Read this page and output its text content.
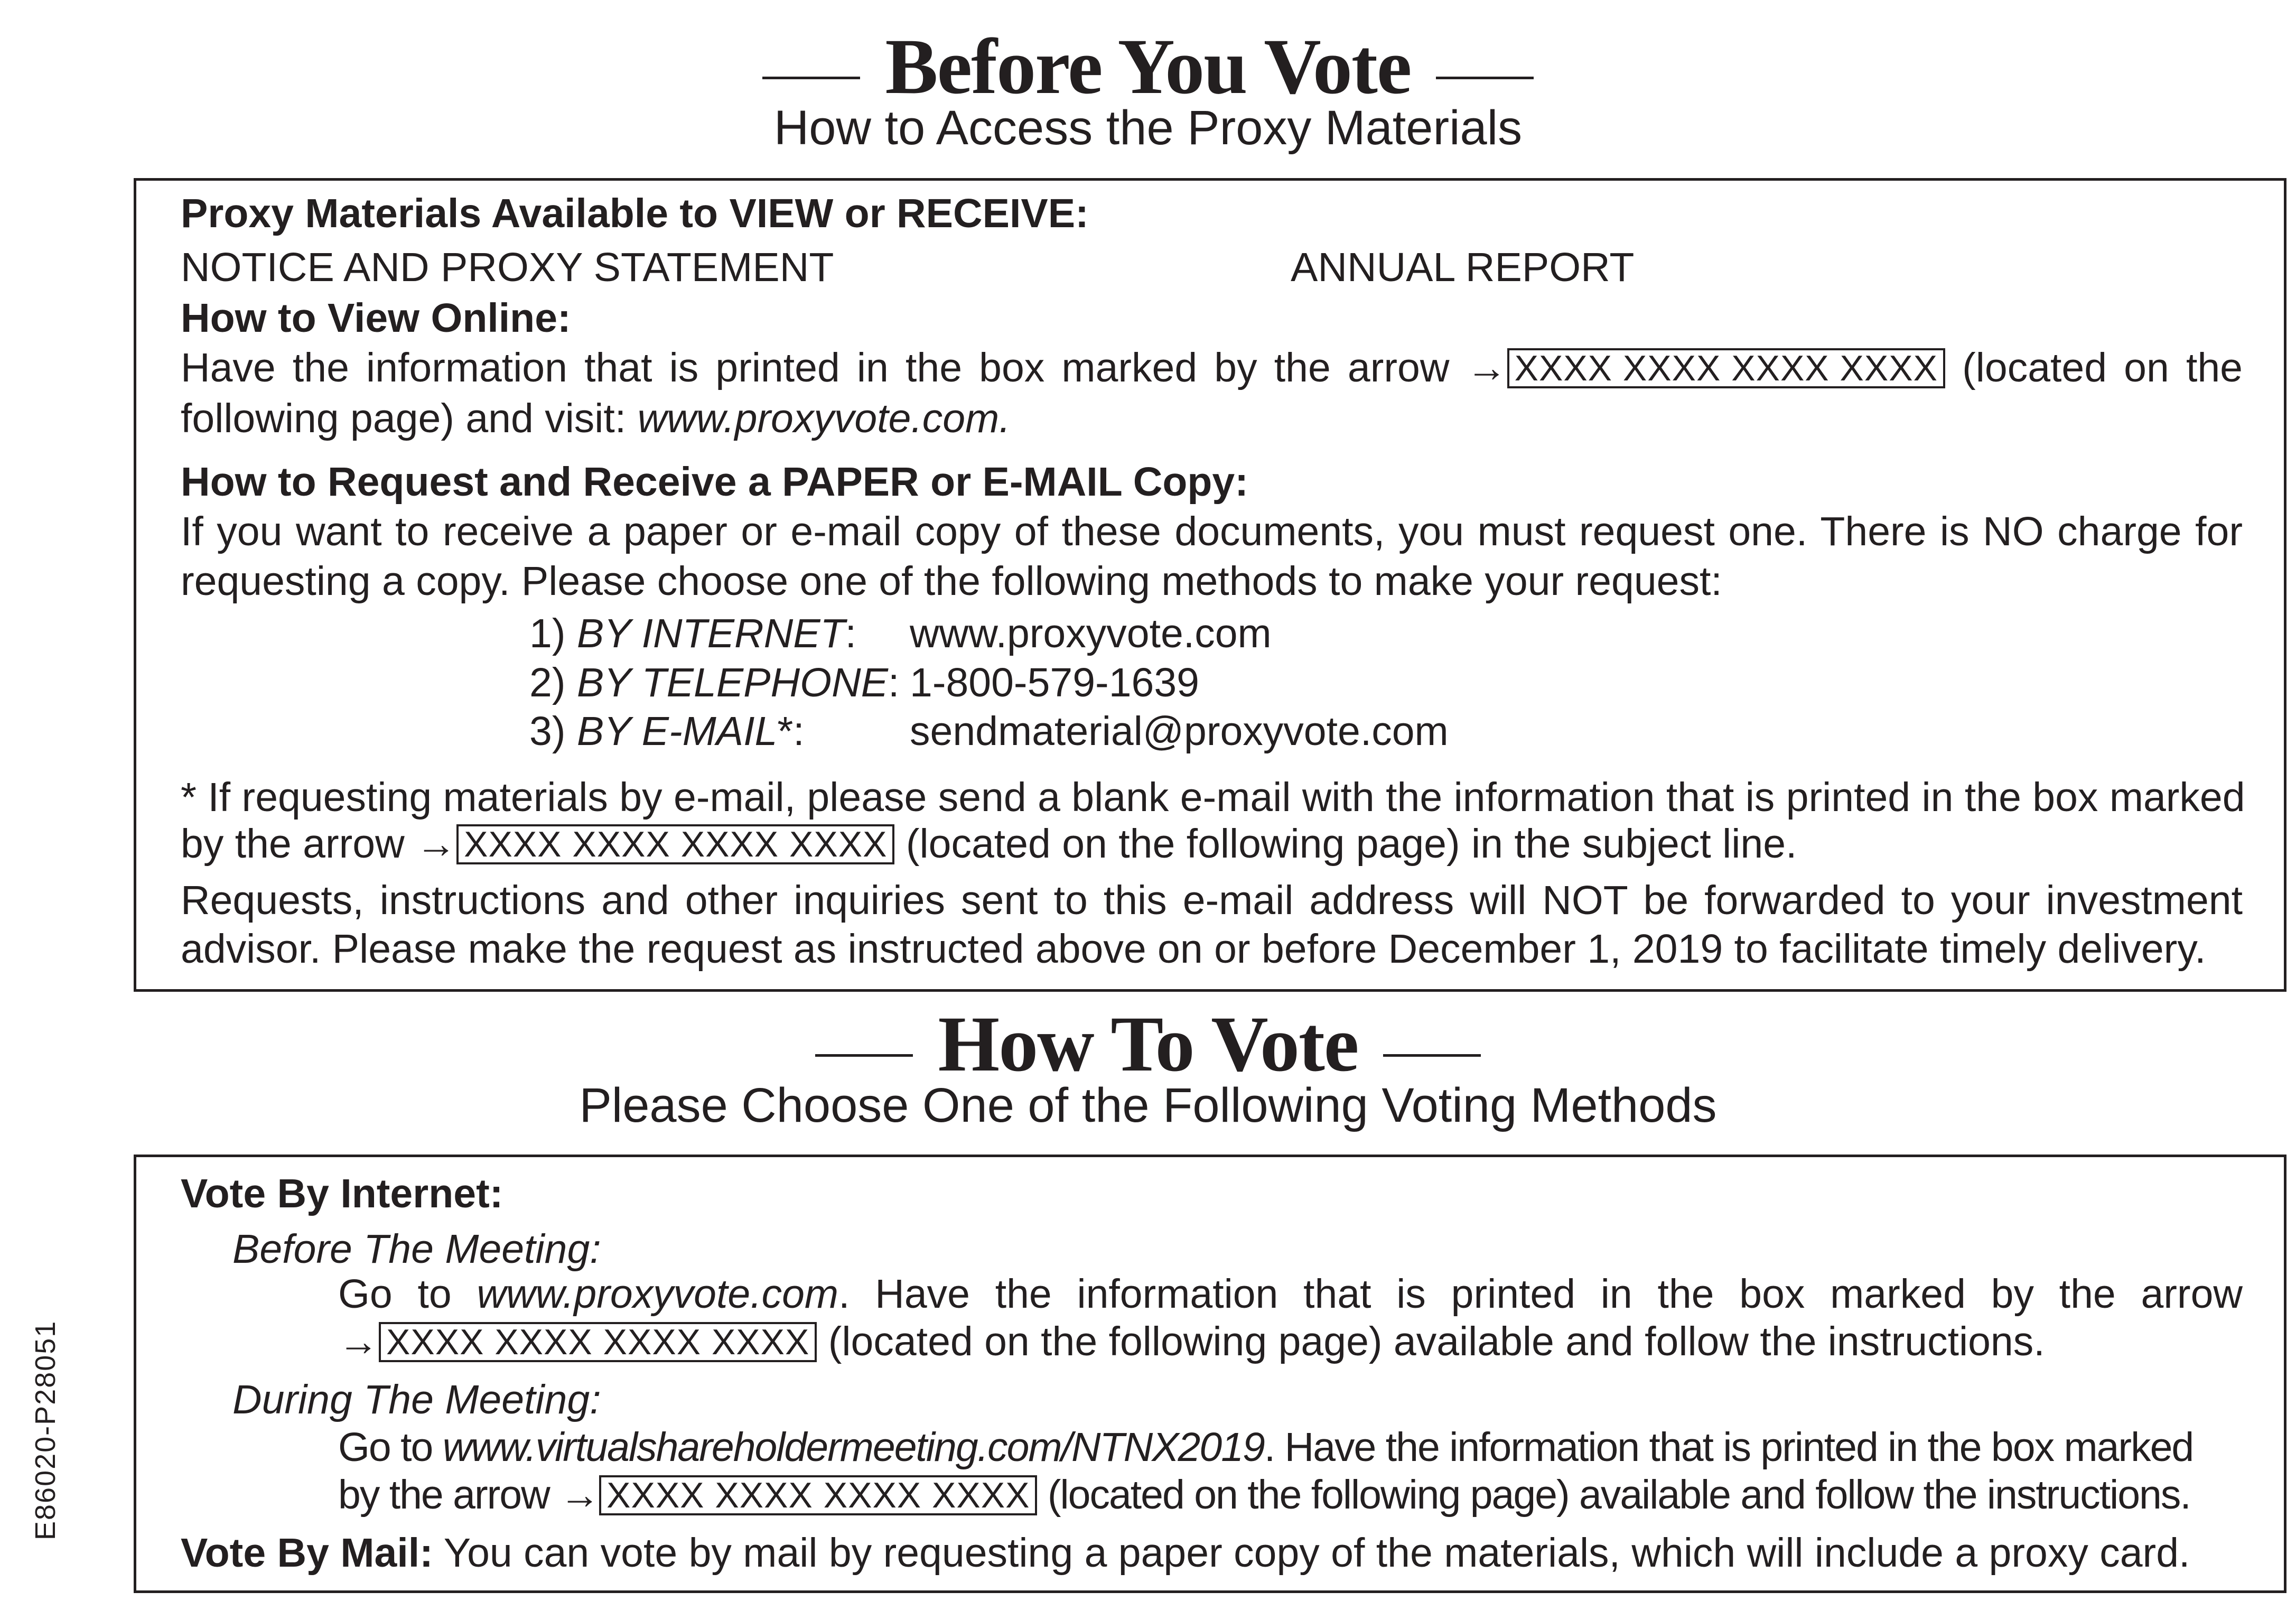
Before You Vote
How to Access the Proxy Materials
Proxy Materials Available to VIEW or RECEIVE:
NOTICE AND PROXY STATEMENT	ANNUAL REPORT
How to View Online:
Have the information that is printed in the box marked by the arrow → XXXX XXXX XXXX XXXX (located on the
following page) and visit: www.proxyvote.com.
How to Request and Receive a PAPER or E-MAIL Copy:
If you want to receive a paper or e-mail copy of these documents, you must request one. There is NO charge for
requesting a copy. Please choose one of the following methods to make your request:
1) BY INTERNET: www.proxyvote.com
2) BY TELEPHONE: 1-800-579-1639
3) BY E-MAIL*:	sendmaterial@proxyvote.com
* If requesting materials by e-mail, please send a blank e-mail with the information that is printed in the box marked
by the arrow → XXXX XXXX XXXX XXXX (located on the following page) in the subject line.
Requests, instructions and other inquiries sent to this e-mail address will NOT be forwarded to your investment
advisor. Please make the request as instructed above on or before December 1, 2019 to facilitate timely delivery.
How To Vote
Please Choose One of the Following Voting Methods
Vote By Internet:
Before The Meeting:
Go to www.proxyvote.com. Have the information that is printed in the box marked by the arrow
→ XXXX XXXX XXXX XXXX (located on the following page) available and follow the instructions.
During The Meeting:
Go to www.virtualshareholdermeeting.com/NTNX2019. Have the information that is printed in the box marked
by the arrow → XXXX XXXX XXXX XXXX (located on the following page) available and follow the instructions.
Vote By Mail: You can vote by mail by requesting a paper copy of the materials, which will include a proxy card.
E86020-P28051
